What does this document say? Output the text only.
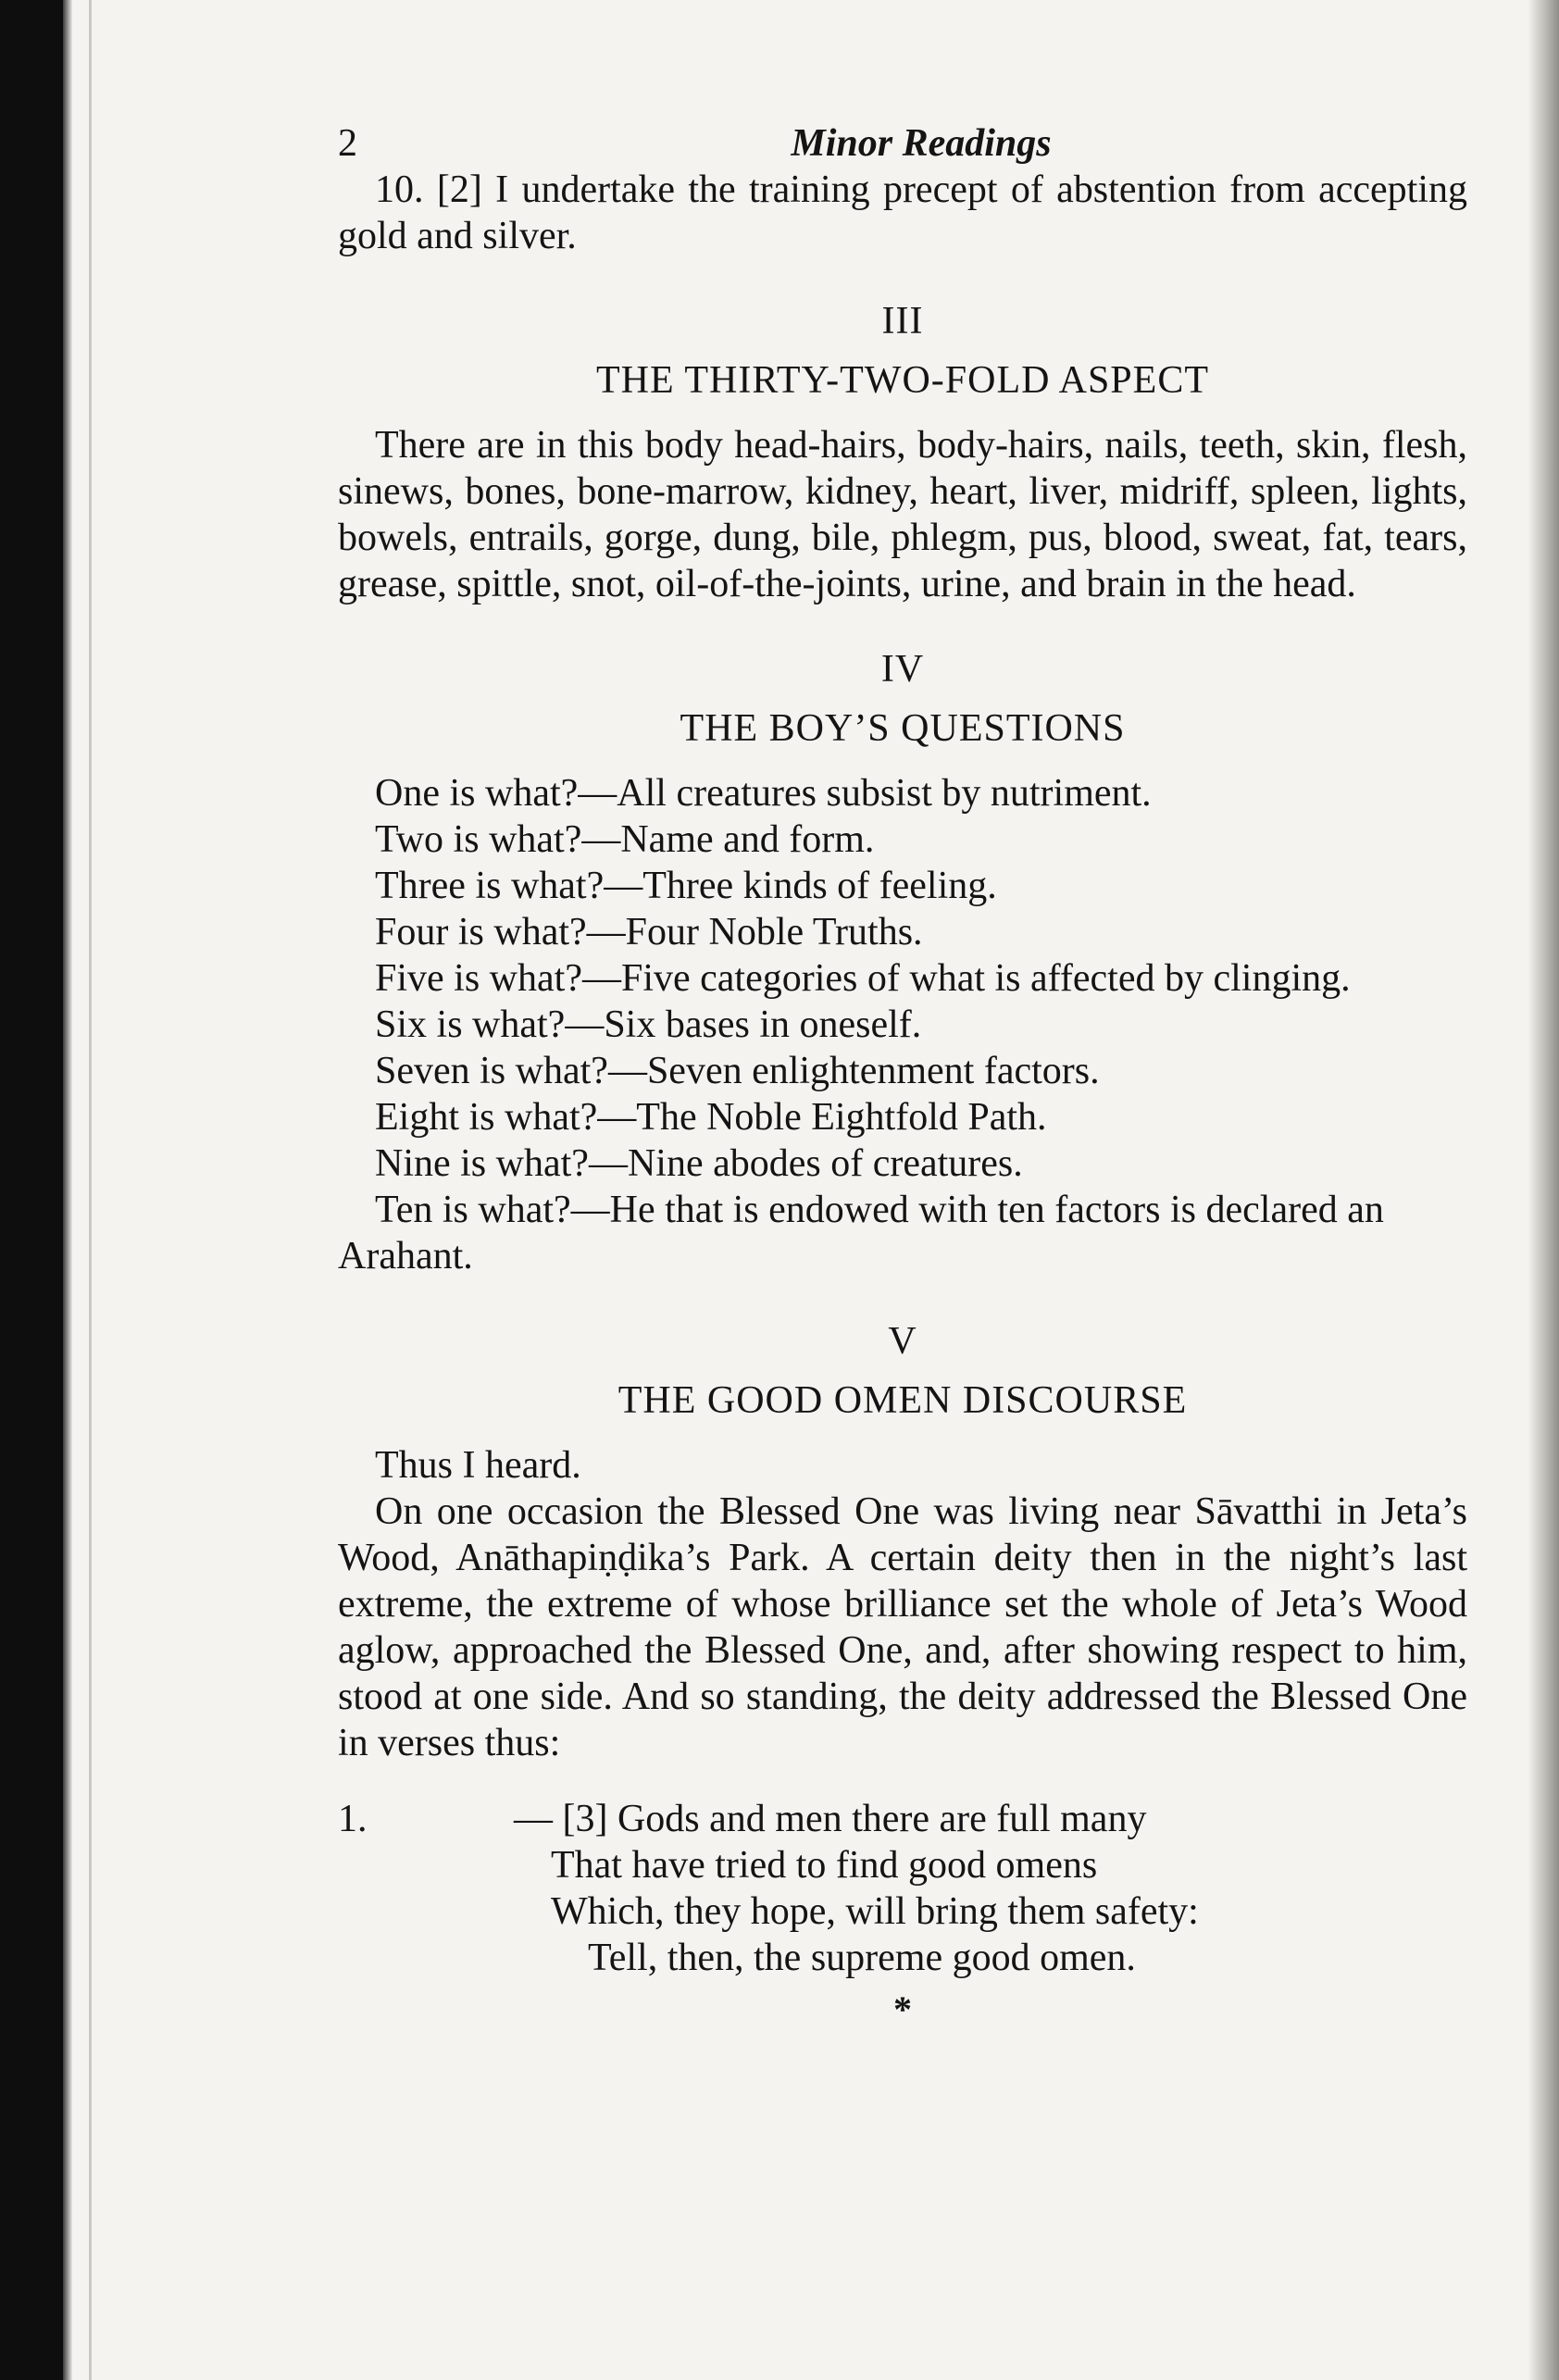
2	Minor Readings

10. [2] I undertake the training precept of abstention from accepting gold and silver.

III
THE THIRTY-TWO-FOLD ASPECT

There are in this body head-hairs, body-hairs, nails, teeth, skin, flesh, sinews, bones, bone-marrow, kidney, heart, liver, midriff, spleen, lights, bowels, entrails, gorge, dung, bile, phlegm, pus, blood, sweat, fat, tears, grease, spittle, snot, oil-of-the-joints, urine, and brain in the head.

IV
THE BOY’S QUESTIONS
One is what?—All creatures subsist by nutriment.
Two is what?—Name and form.
Three is what?—Three kinds of feeling.
Four is what?—Four Noble Truths.
Five is what?—Five categories of what is affected by clinging.
Six is what?—Six bases in oneself.
Seven is what?—Seven enlightenment factors.
Eight is what?—The Noble Eightfold Path.
Nine is what?—Nine abodes of creatures.
Ten is what?—He that is endowed with ten factors is declared an Arahant.
V
THE GOOD OMEN DISCOURSE

Thus I heard.

On one occasion the Blessed One was living near Sāvatthi in Jeta’s Wood, Anāthapiṇḍika’s Park. A certain deity then in the night’s last extreme, the extreme of whose brilliance set the whole of Jeta’s Wood aglow, approached the Blessed One, and, after showing respect to him, stood at one side. And so standing, the deity addressed the Blessed One in verses thus:

1.	— [3] Gods and men there are full many
That have tried to find good omens
Which, they hope, will bring them safety:
Tell, then, the supreme good omen.
*
